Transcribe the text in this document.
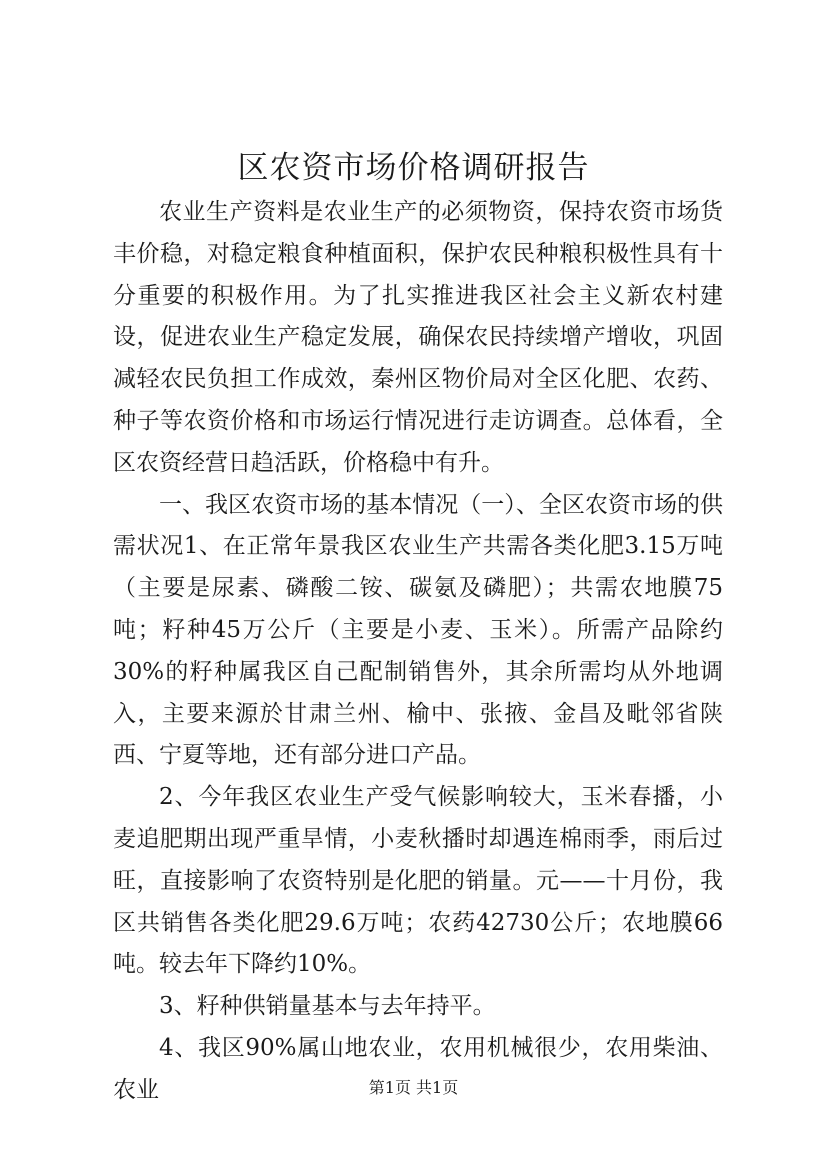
区农资市场价格调研报告

农业生产资料是农业生产的必须物资，保持农资市场货丰价稳，对稳定粮食种植面积，保护农民种粮积极性具有十分重要的积极作用。为了扎实推进我区社会主义新农村建设，促进农业生产稳定发展，确保农民持续增产增收，巩固减轻农民负担工作成效，秦州区物价局对全区化肥、农药、种子等农资价格和市场运行情况进行走访调查。总体看，全区农资经营日趋活跃，价格稳中有升。

一、我区农资市场的基本情况（一）、全区农资市场的供需状况1、在正常年景我区农业生产共需各类化肥3.15万吨（主要是尿素、磷酸二铵、碳氨及磷肥）；共需农地膜75吨；籽种45万公斤（主要是小麦、玉米）。所需产品除约30%的籽种属我区自己配制销售外，其余所需均从外地调入，主要来源於甘肃兰州、榆中、张掖、金昌及毗邻省陕西、宁夏等地，还有部分进口产品。

2、今年我区农业生产受气候影响较大，玉米春播，小麦追肥期出现严重旱情，小麦秋播时却遇连棉雨季，雨后过旺，直接影响了农资特别是化肥的销量。元——十月份，我区共销售各类化肥29.6万吨；农药42730公斤；农地膜66吨。较去年下降约10%。

3、籽种供销量基本与去年持平。

4、我区90%属山地农业，农用机械很少，农用柴油、农业	第1页 共1页
